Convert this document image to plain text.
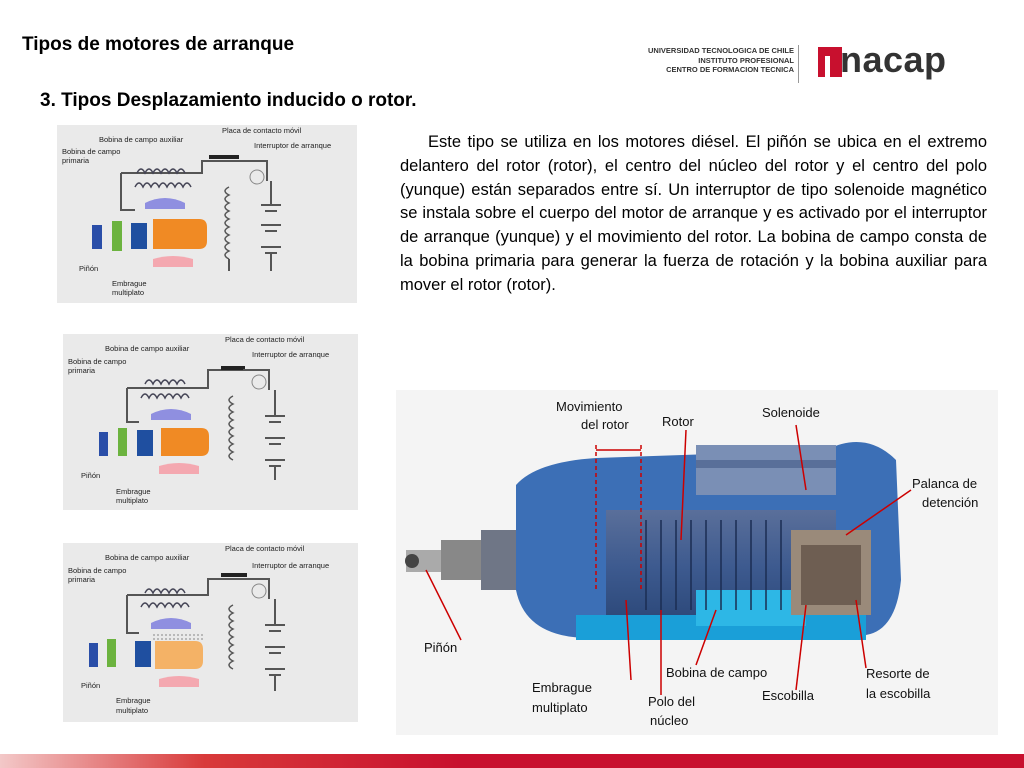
Tipos de motores de arranque
3. Tipos Desplazamiento inducido o rotor.
UNIVERSIDAD TECNOLOGICA DE CHILE
INSTITUTO PROFESIONAL
CENTRO DE FORMACION TECNICA nacap
Este tipo se utiliza en los motores diésel. El piñón se ubica en el extremo delantero del rotor (rotor), el centro del núcleo del rotor y el centro del polo (yunque) están separados entre sí. Un interruptor de tipo solenoide magnético se instala sobre el cuerpo del motor de arranque y es activado por el interruptor de arranque (yunque) y el movimiento del rotor. La bobina de campo consta de la bobina primaria para generar la fuerza de rotación y la bobina auxiliar para mover el rotor (rotor).
Bobina de campo auxiliar
Bobina de campo
primaria
Placa de contacto móvil
Interruptor de arranque
Piñón
Embrague
multiplato
Bobina de campo auxiliar
Bobina de campo
primaria
Placa de contacto móvil
Interruptor de arranque
Piñón
Embrague
multiplato
Bobina de campo auxiliar
Bobina de campo
primaria
Placa de contacto móvil
Interruptor de arranque
Piñón
Embrague
multiplato
Movimiento
del rotor	Rotor
Solenoide
Palanca de
detención
Piñón
Bobina de campo
Embrague
multiplato	Polo del
núcleo
Escobilla
Resorte de
la escobilla
